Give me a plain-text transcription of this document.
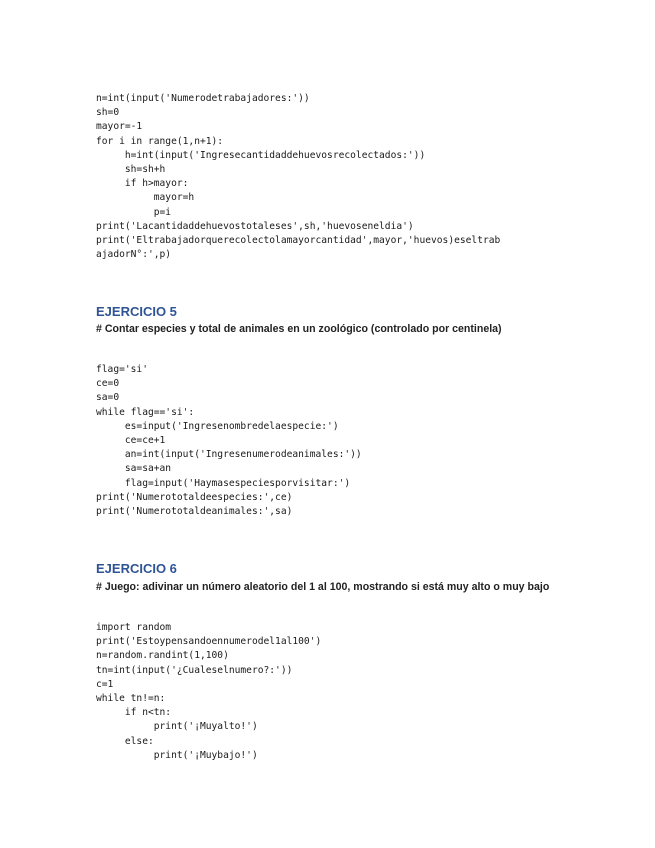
n=int(input('Numerodetrabajadores:'))
sh=0
mayor=-1
for i in range(1,n+1):
h=int(input('Ingresecantidaddehuevosrecolectados:'))
sh=sh+h
if h>mayor:
mayor=h
p=i
print('Lacantidaddehuevostotaleses',sh,'huevoseneldia')
print('Eltrabajadorquerecolectolamayorcantidad',mayor,'huevos)eseltrab
ajadorN°:',p)
EJERCICIO 5
# Contar especies y total de animales en un zoológico (controlado por centinela)
flag='si'
ce=0
sa=0
while flag=='si':
es=input('Ingresenombredelaespecie:')
ce=ce+1
an=int(input('Ingresenumerodeanimales:'))
sa=sa+an
flag=input('Haymasespeciesporvisitar:')
print('Numerototaldeespecies:',ce)
print('Numerototaldeanimales:',sa)
EJERCICIO 6
# Juego: adivinar un número aleatorio del 1 al 100, mostrando si está muy alto o muy bajo
import random
print('Estoypensandoennumerodel1al100')
n=random.randint(1,100)
tn=int(input('¿Cualeselnumero?:'))
c=1
while tn!=n:
if n<tn:
print('¡Muyalto!')
else:
print('¡Muybajo!')
